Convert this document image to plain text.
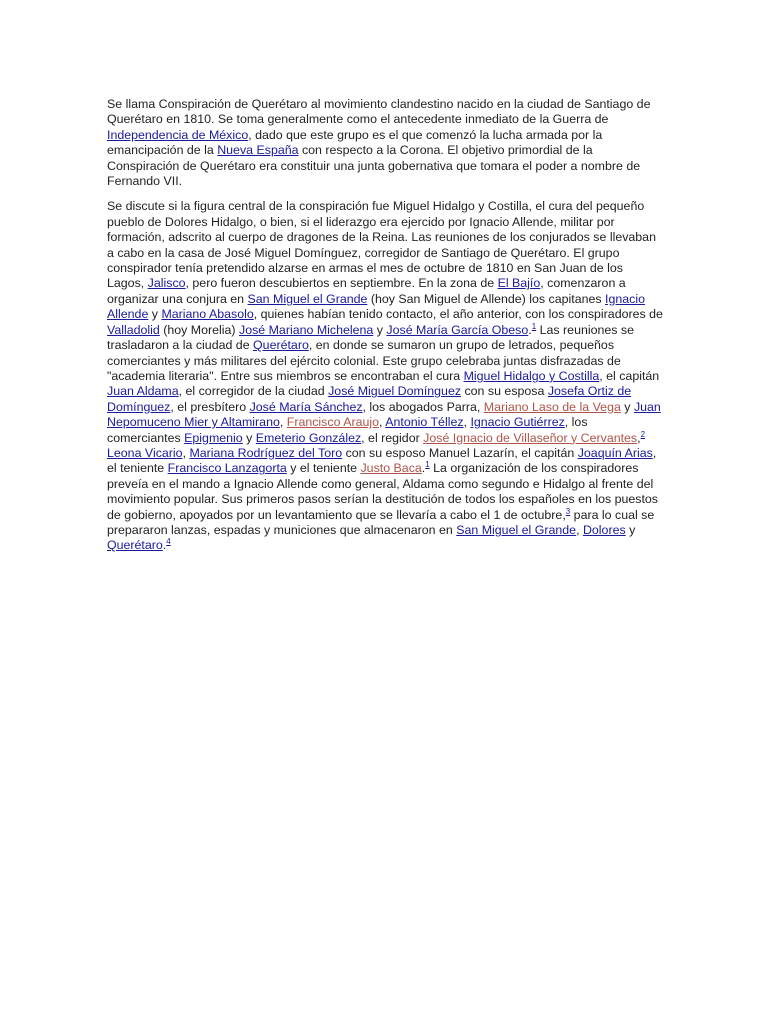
Se llama Conspiración de Querétaro al movimiento clandestino nacido en la ciudad de Santiago de Querétaro en 1810. Se toma generalmente como el antecedente inmediato de la Guerra de Independencia de México, dado que este grupo es el que comenzó la lucha armada por la emancipación de la Nueva España con respecto a la Corona. El objetivo primordial de la Conspiración de Querétaro era constituir una junta gobernativa que tomara el poder a nombre de Fernando VII.

Se discute si la figura central de la conspiración fue Miguel Hidalgo y Costilla, el cura del pequeño pueblo de Dolores Hidalgo, o bien, si el liderazgo era ejercido por Ignacio Allende, militar por formación, adscrito al cuerpo de dragones de la Reina. Las reuniones de los conjurados se llevaban a cabo en la casa de José Miguel Domínguez, corregidor de Santiago de Querétaro. El grupo conspirador tenía pretendido alzarse en armas el mes de octubre de 1810 en San Juan de los Lagos, Jalisco, pero fueron descubiertos en septiembre. En la zona de El Bajío, comenzaron a organizar una conjura en San Miguel el Grande (hoy San Miguel de Allende) los capitanes Ignacio Allende y Mariano Abasolo, quienes habían tenido contacto, el año anterior, con los conspiradores de Valladolid (hoy Morelia) José Mariano Michelena y José María García Obeso.$^1$ Las reuniones se trasladaron a la ciudad de Querétaro, en donde se sumaron un grupo de letrados, pequeños comerciantes y más militares del ejército colonial. Este grupo celebraba juntas disfrazadas de "academia literaria". Entre sus miembros se encontraban el cura Miguel Hidalgo y Costilla, el capitán Juan Aldama, el corregidor de la ciudad José Miguel Domínguez con su esposa Josefa Ortiz de Domínguez, el presbítero José María Sánchez, los abogados Parra, Mariano Laso de la Vega y Juan Nepomuceno Mier y Altamirano, Francisco Araujo, Antonio Téllez, Ignacio Gutiérrez, los comerciantes Epigmenio y Emeterio González, el regidor José Ignacio de Villaseñor y Cervantes,$^2$ Leona Vicario, Mariana Rodríguez del Toro con su esposo Manuel Lazarín, el capitán Joaquín Arias, el teniente Francisco Lanzagorta y el teniente Justo Baca.$^1$ La organización de los conspiradores preveía en el mando a Ignacio Allende como general, Aldama como segundo e Hidalgo al frente del movimiento popular. Sus primeros pasos serían la destitución de todos los españoles en los puestos de gobierno, apoyados por un levantamiento que se llevaría a cabo el 1 de octubre,$^3$ para lo cual se prepararon lanzas, espadas y municiones que almacenaron en San Miguel el Grande, Dolores y Querétaro.$^4$
